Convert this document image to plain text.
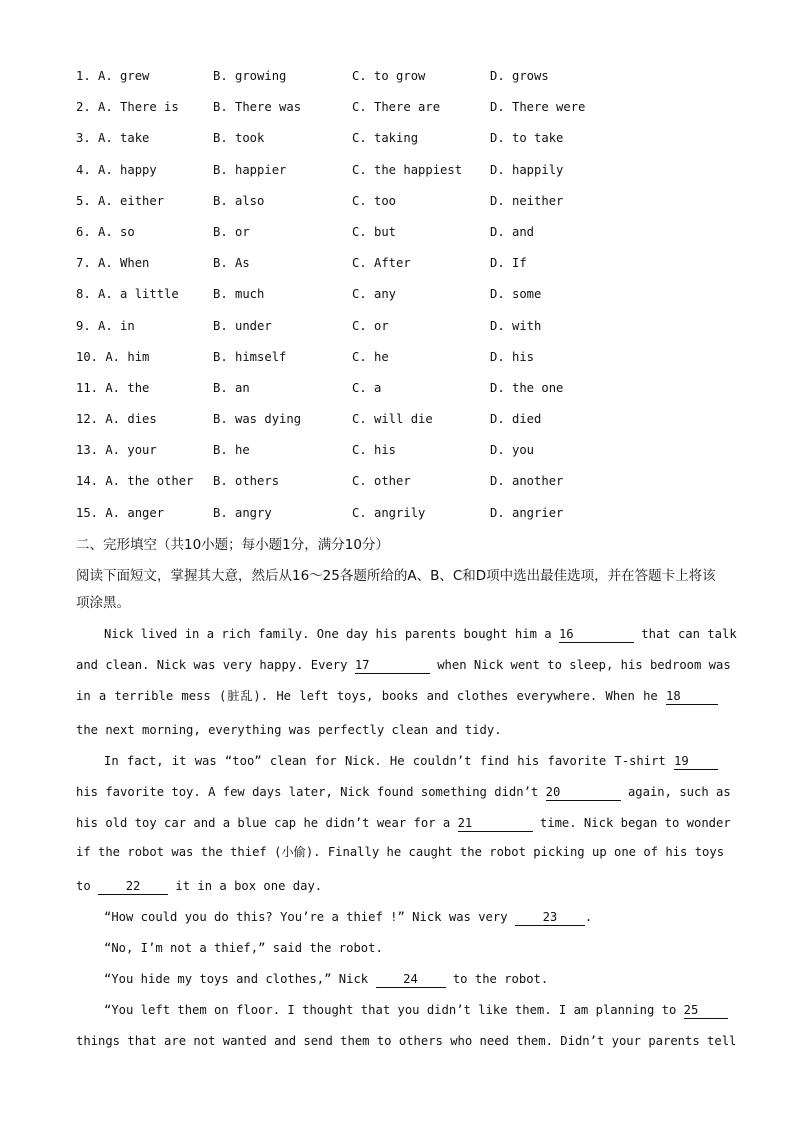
1. A. grew	B. growing	C. to grow	D. grows
2. A. There is	B. There was	C. There are	D. There were
3. A. take	B. took	C. taking	D. to take
4. A. happy	B. happier	C. the happiest D. happily
5. A. either	B. also	C. too	D. neither
6. A. so	B. or	C. but	D. and
7. A. When	B. As	C. After	D. If
8. A. a little	B. much	C. any	D. some
9. A. in	B. under	C. or	D. with
10. A. him	B. himself	C. he	D. his
11. A. the	B. an	C. a	D. the one
12. A. dies	B. was dying	C. will die	D. died
13. A. your	B. he	C. his	D. you
14. A. the other B. others	C. other	D. another
15. A. anger	B. angry	C. angrily	D. angrier
二、完形填空（共10小题；每小题1分，满分10分）
阅读下面短文，掌握其大意，然后从16～25各题所给的A、B、C和D项中选出最佳选项，并在答题卡上将该项涂黑。
Nick lived in a rich family. One day his parents bought him a 16	that can talk
and clean. Nick was very happy. Every 17	when Nick went to sleep, his bedroom was
in a terrible mess (脏乱). He left toys, books and clothes everywhere. When he 18
the next morning, everything was perfectly clean and tidy.
In fact, it was “too” clean for Nick. He couldn’t find his favorite T-shirt 19
his favorite toy. A few days later, Nick found something didn’t 20	again, such as
his old toy car and a blue cap he didn’t wear for a 21	time. Nick began to wonder
if the robot was the thief (小偷). Finally he caught the robot picking up one of his toys
to	22	it in a box one day.
“How could you do this? You’re a thief !” Nick was very	23 .
“No, I’m not a thief,” said the robot.
“You hide my toys and clothes,” Nick	24	to the robot.
“You left them on floor. I thought that you didn’t like them. I am planning to 25
things that are not wanted and send them to others who need them. Didn’t your parents tell
